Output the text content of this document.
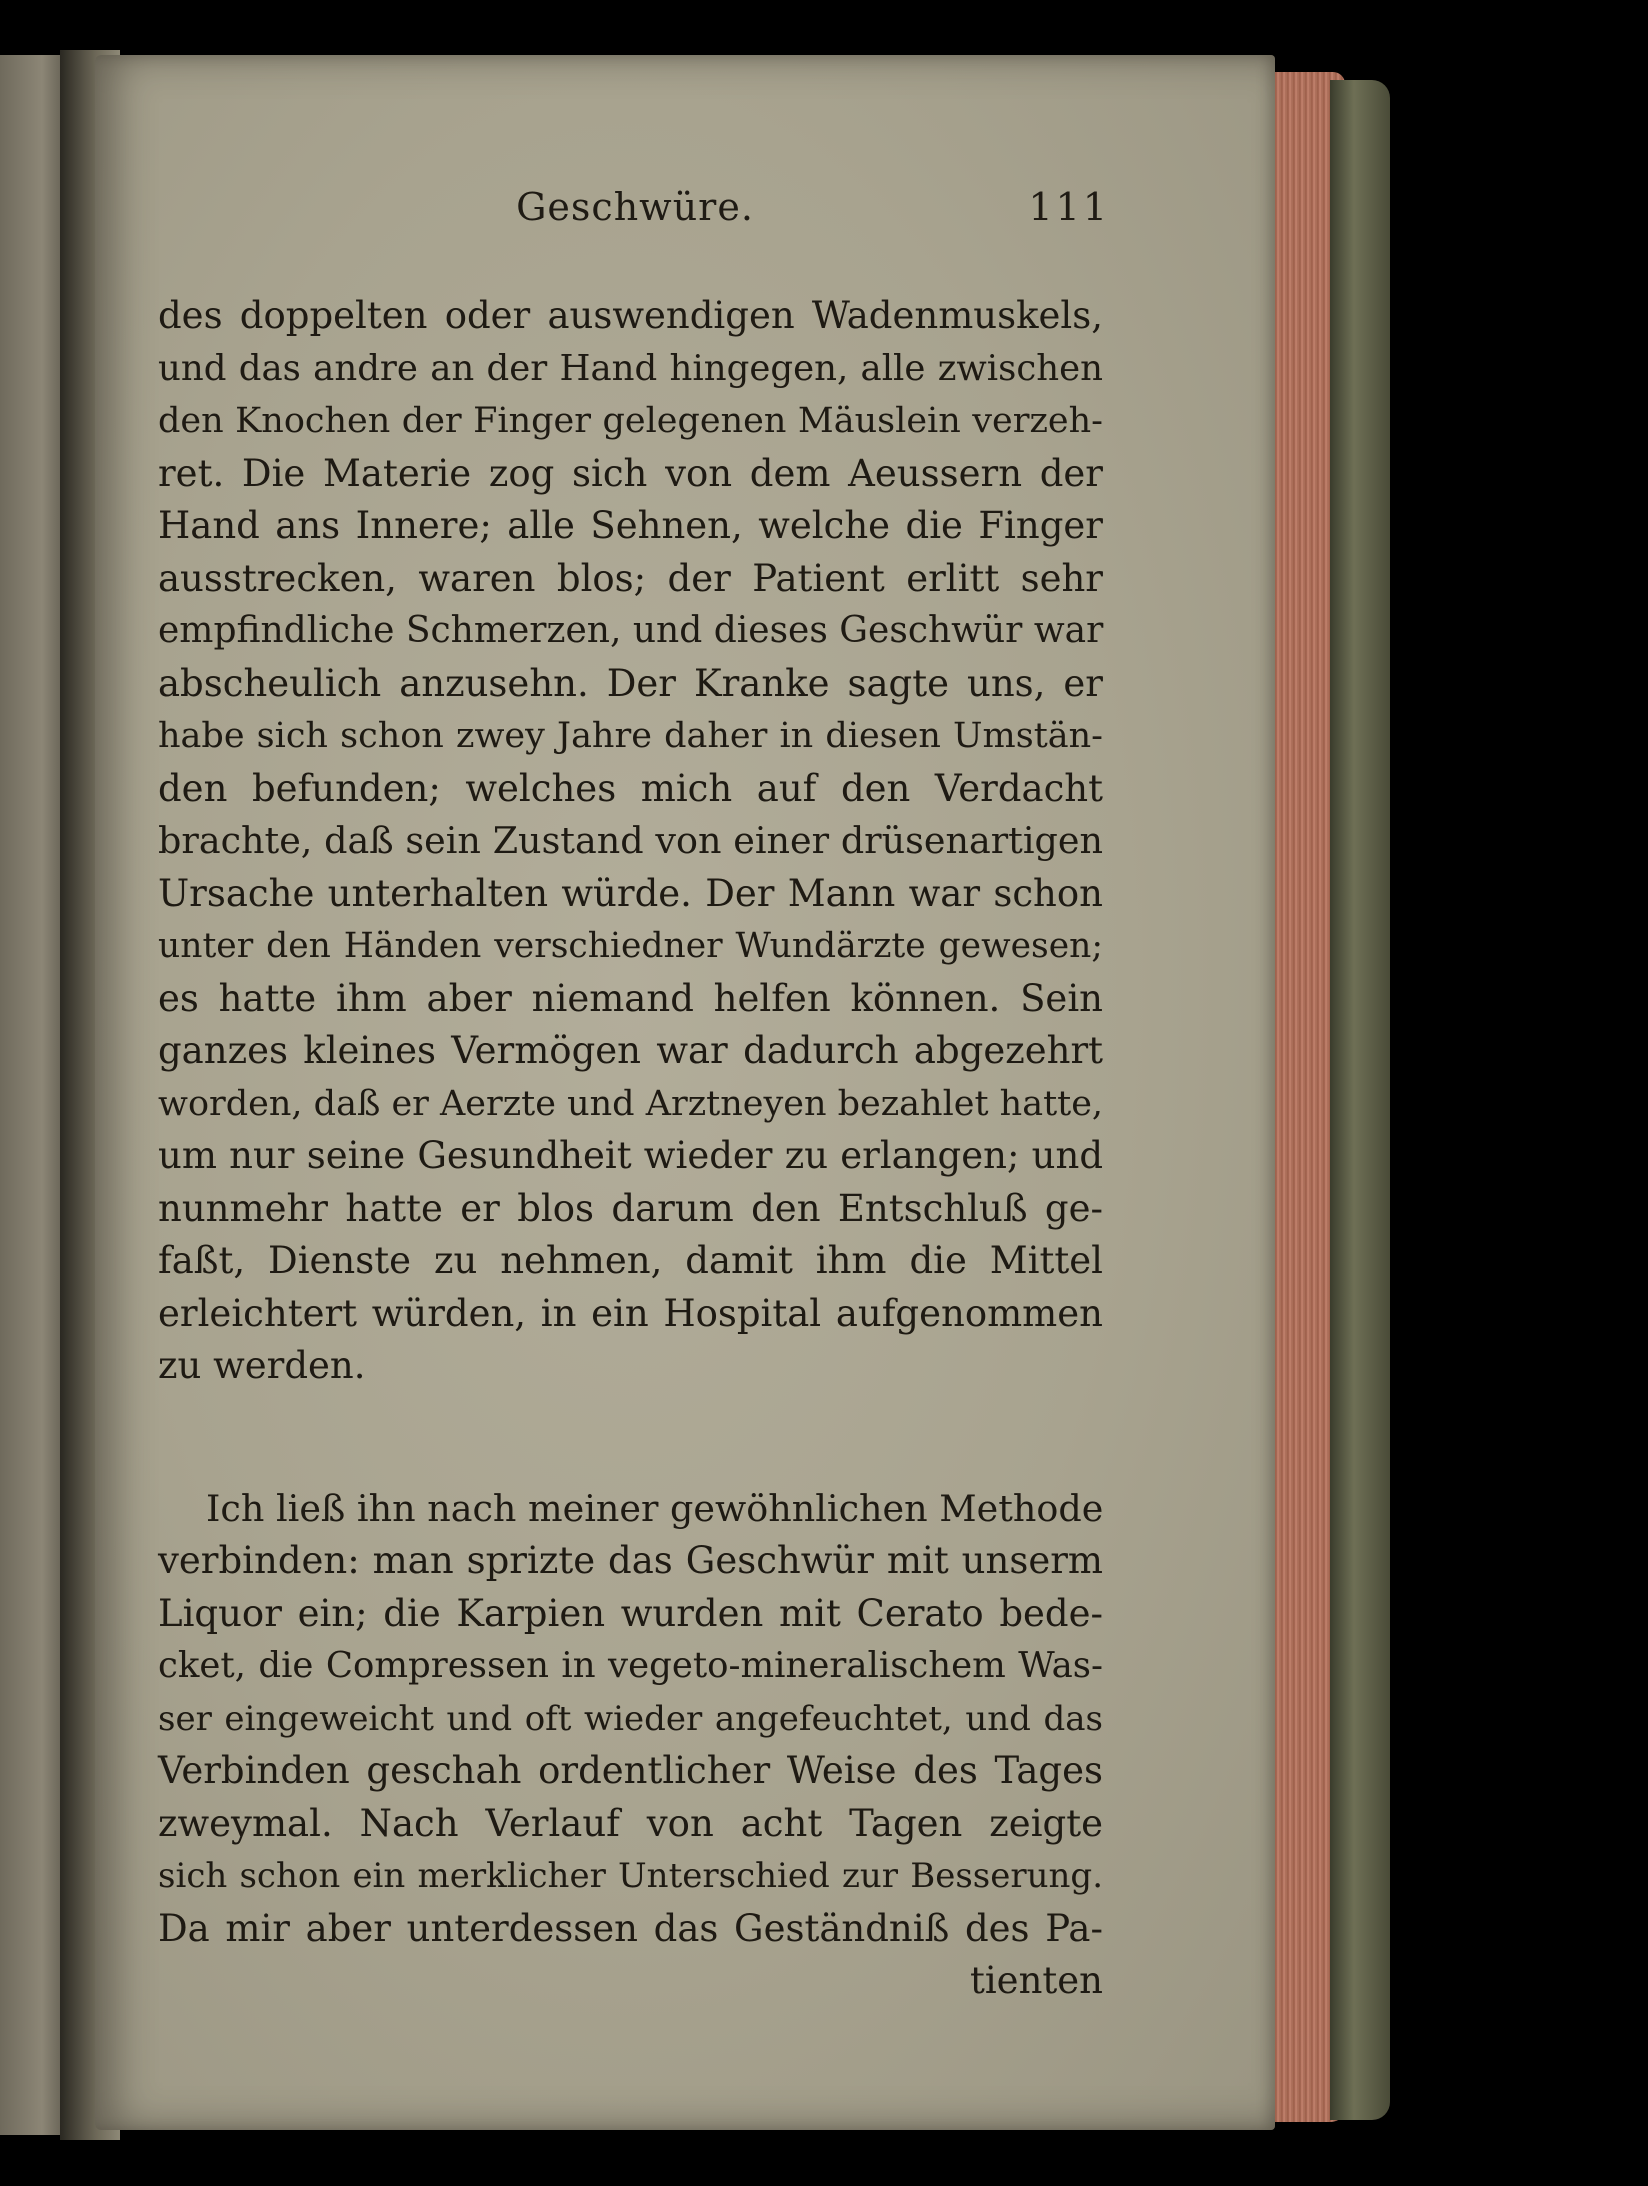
Geschwüre.	111
des doppelten oder auswendigen Wadenmuskels,
und das andre an der Hand hingegen, alle zwischen
den Knochen der Finger gelegenen Mäuslein verzeh-
ret. Die Materie zog sich von dem Aeussern der
Hand ans Innere; alle Sehnen, welche die Finger
ausstrecken, waren blos; der Patient erlitt sehr
empfindliche Schmerzen, und dieses Geschwür war
abscheulich anzusehn. Der Kranke sagte uns, er
habe sich schon zwey Jahre daher in diesen Umstän-
den befunden; welches mich auf den Verdacht
brachte, daß sein Zustand von einer drüsenartigen
Ursache unterhalten würde. Der Mann war schon
unter den Händen verschiedner Wundärzte gewesen;
es hatte ihm aber niemand helfen können. Sein
ganzes kleines Vermögen war dadurch abgezehrt
worden, daß er Aerzte und Arztneyen bezahlet hatte,
um nur seine Gesundheit wieder zu erlangen; und
nunmehr hatte er blos darum den Entschluß ge-
faßt, Dienste zu nehmen, damit ihm die Mittel
erleichtert würden, in ein Hospital aufgenommen
zu werden.
Ich ließ ihn nach meiner gewöhnlichen Methode
verbinden: man sprizte das Geschwür mit unserm
Liquor ein; die Karpien wurden mit Cerato bede-
cket, die Compressen in vegeto-mineralischem Was-
ser eingeweicht und oft wieder angefeuchtet, und das
Verbinden geschah ordentlicher Weise des Tages
zweymal. Nach Verlauf von acht Tagen zeigte
sich schon ein merklicher Unterschied zur Besserung.
Da mir aber unterdessen das Geständniß des Pa-
tienten
